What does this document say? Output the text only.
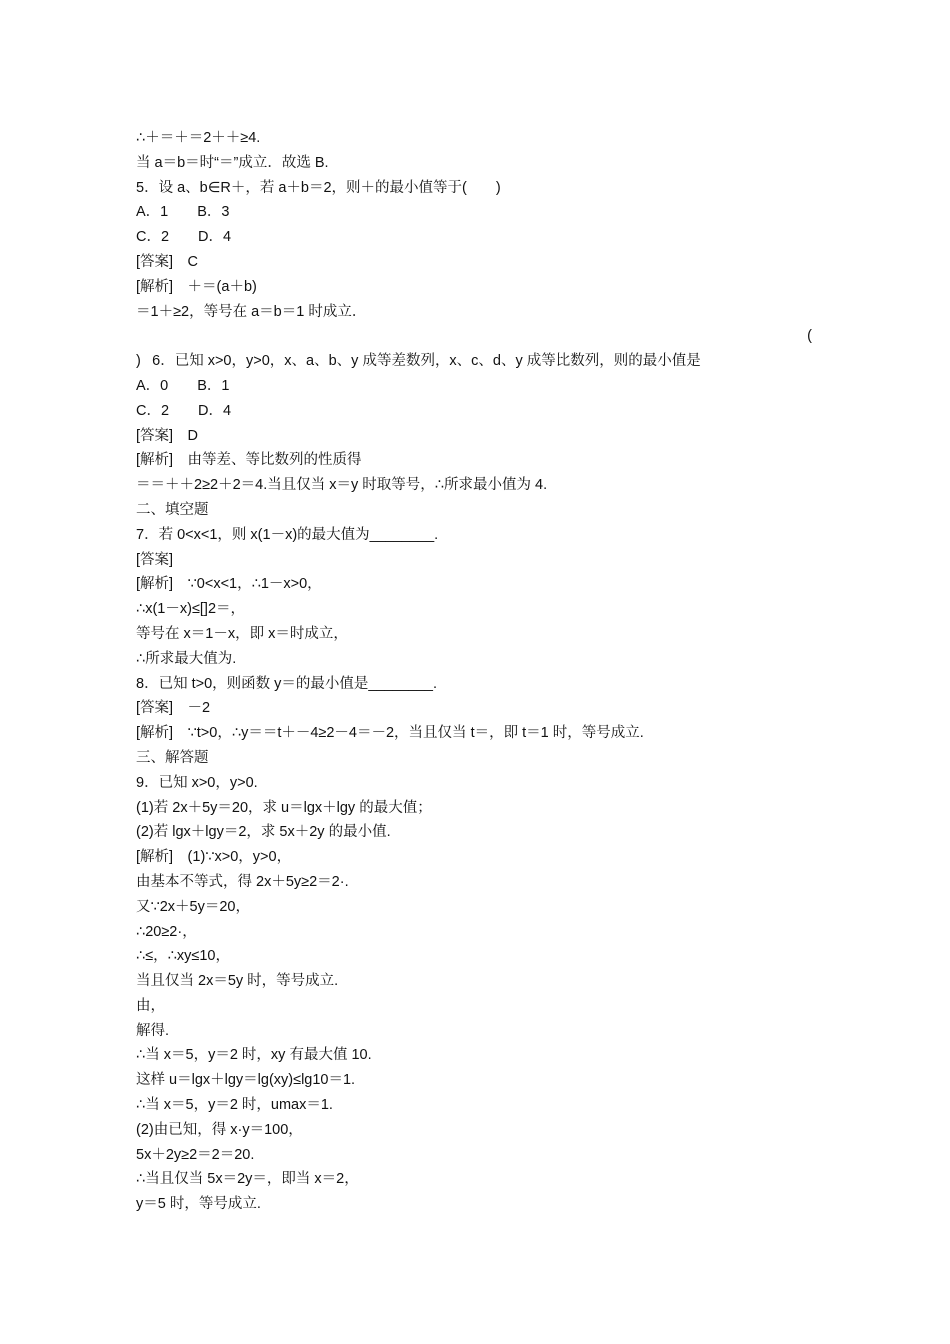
∴＋＝＋＝2＋＋≥4.
当 a＝b＝时“＝”成立．故选 B.
5．设 a、b∈R＋，若 a＋b＝2，则＋的最小值等于(　　)
A．1　　B．3
C．2　　D．4
[答案]　C
[解析]　＋＝(a＋b)
＝1＋≥2，等号在 a＝b＝1 时成立．

6．已知 x>0，y>0，x、a、b、y 成等差数列，x、c、d、y 成等比数列，则的最小值是

(

)
A．0　　B．1
C．2　　D．4
[答案]　D
[解析]　由等差、等比数列的性质得
＝＝＋＋2≥2＋2＝4.当且仅当 x＝y 时取等号，∴所求最小值为 4.
二、填空题
7．若 0<x<1，则 x(1－x)的最大值为________.
[答案]
[解析]　∵0<x<1，∴1－x>0，
∴x(1－x)≤[]2＝，
等号在 x＝1－x，即 x＝时成立，
∴所求最大值为.
8．已知 t>0，则函数 y＝的最小值是________.
[答案]　－2
[解析]　∵t>0，∴y＝＝t＋－4≥2－4＝－2，当且仅当 t＝，即 t＝1 时，等号成立.
三、解答题
9．已知 x>0，y>0.
(1)若 2x＋5y＝20，求 u＝lgx＋lgy 的最大值；
(2)若 lgx＋lgy＝2，求 5x＋2y 的最小值.
[解析]　(1)∵x>0，y>0，
由基本不等式，得 2x＋5y≥2＝2·.
又∵2x＋5y＝20，
∴20≥2·，
∴≤，∴xy≤10，
当且仅当 2x＝5y 时，等号成立.
由，
解得.
∴当 x＝5，y＝2 时，xy 有最大值 10.
这样 u＝lgx＋lgy＝lg(xy)≤lg10＝1.
∴当 x＝5，y＝2 时，umax＝1.
(2)由已知，得 x·y＝100，
5x＋2y≥2＝2＝20.
∴当且仅当 5x＝2y＝，即当 x＝2，
y＝5 时，等号成立.
